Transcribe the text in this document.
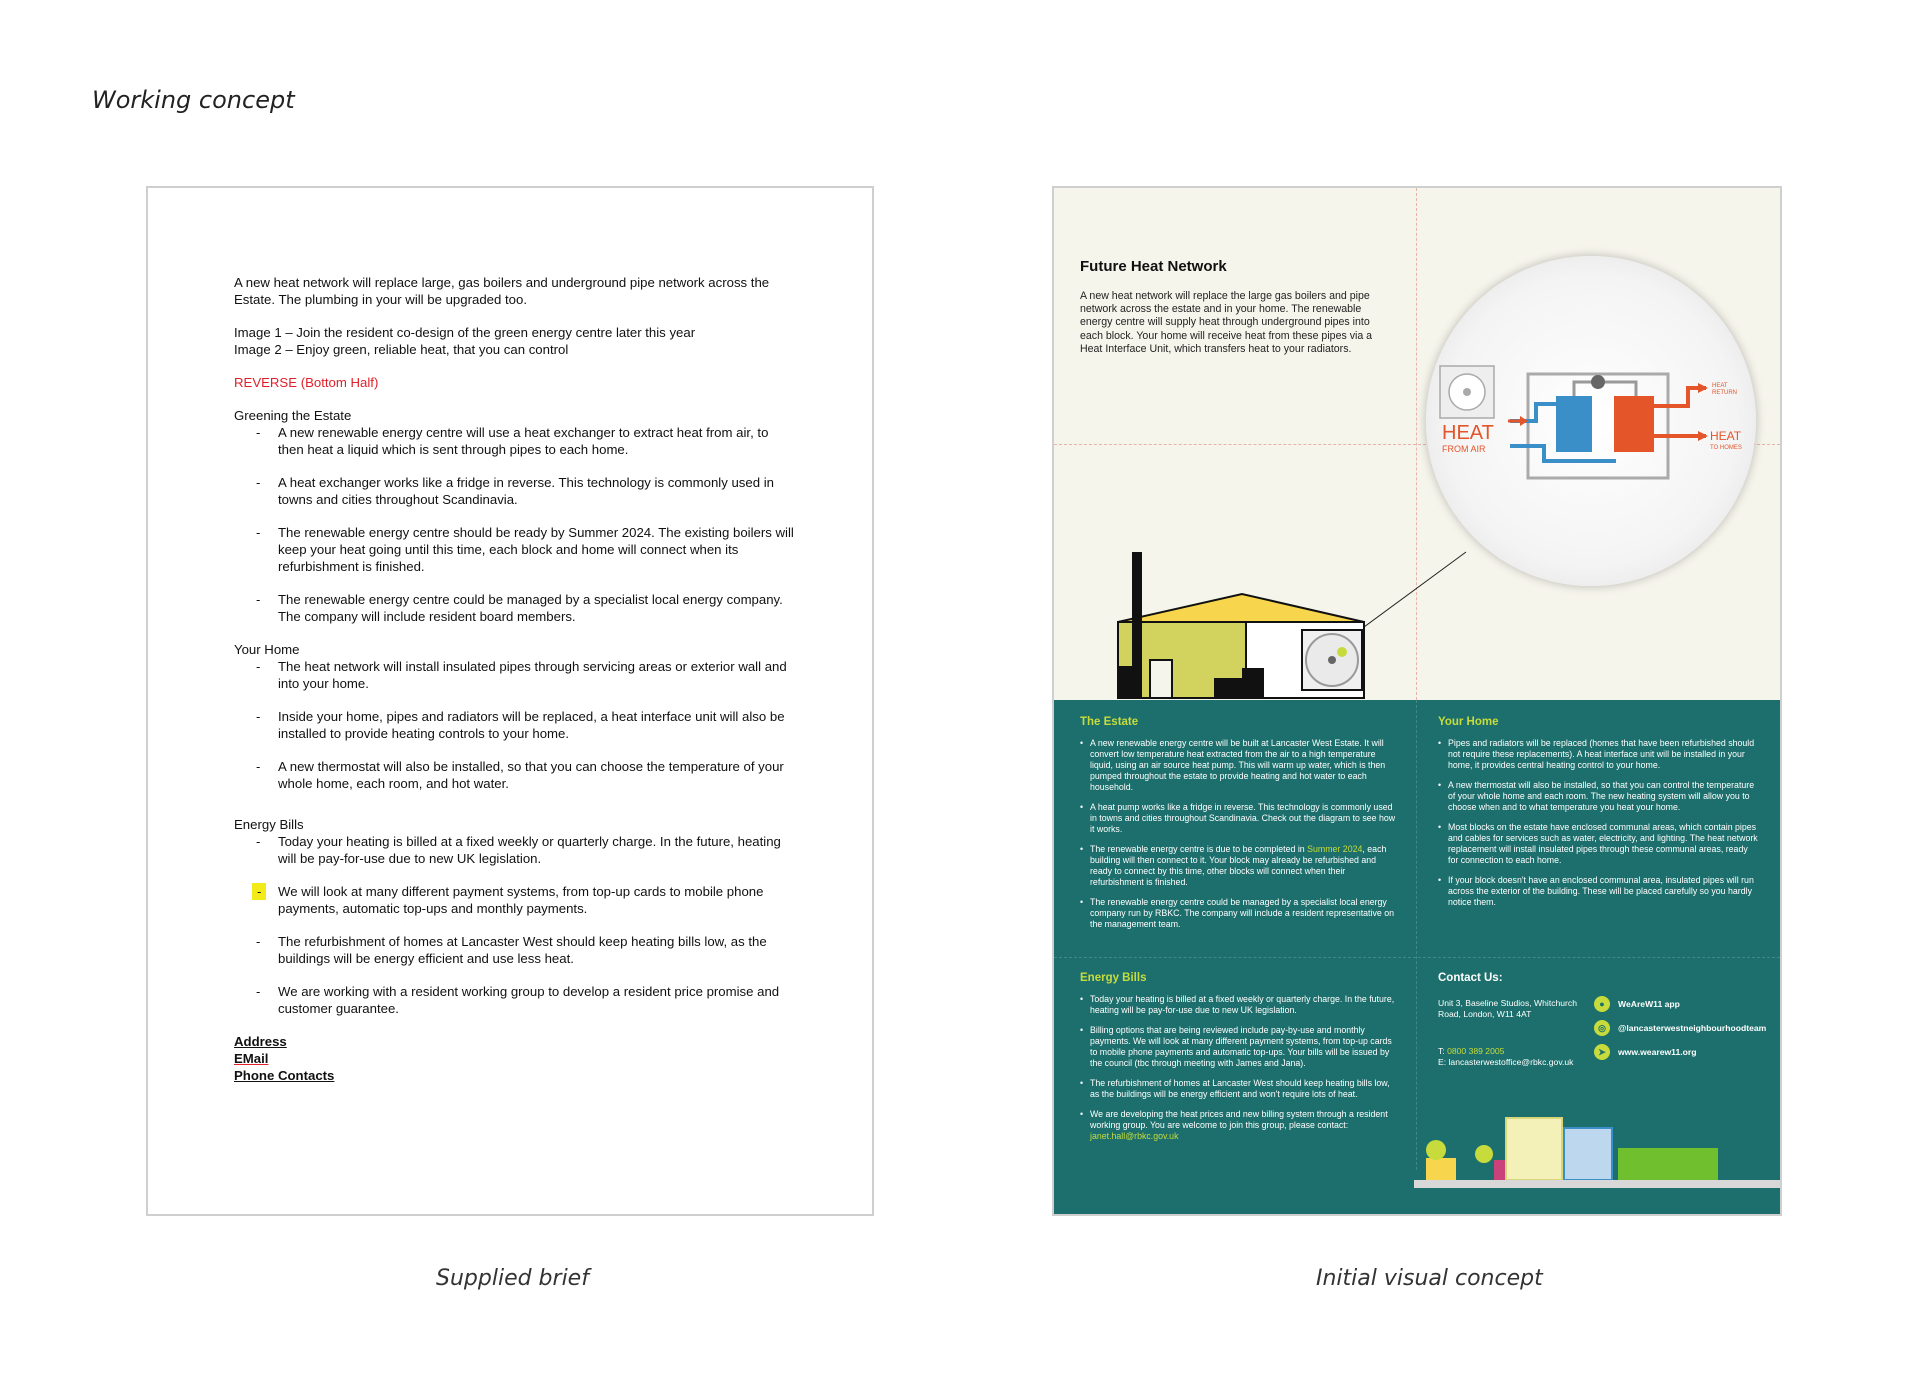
Working concept

A new heat network will replace large, gas boilers and underground pipe network across the Estate. The plumbing in your will be upgraded too.

Image 1 – Join the resident co-design of the green energy centre later this year
Image 2 – Enjoy green, reliable heat, that you can control

REVERSE (Bottom Half)

Greening the Estate
- A new renewable energy centre will use a heat exchanger to extract heat from air, to then heat a liquid which is sent through pipes to each home.
- A heat exchanger works like a fridge in reverse. This technology is commonly used in towns and cities throughout Scandinavia.
- The renewable energy centre should be ready by Summer 2024. The existing boilers will keep your heat going until this time, each block and home will connect when its refurbishment is finished.
- The renewable energy centre could be managed by a specialist local energy company. The company will include resident board members.
Your Home
- The heat network will install insulated pipes through servicing areas or exterior wall and into your home.
- Inside your home, pipes and radiators will be replaced, a heat interface unit will also be installed to provide heating controls to your home.
- A new thermostat will also be installed, so that you can choose the temperature of your whole home, each room, and hot water.
Energy Bills
- Today your heating is billed at a fixed weekly or quarterly charge. In the future, heating will be pay-for-use due to new UK legislation.
-	We will look at many different payment systems, from top-up cards to mobile phone payments, automatic top-ups and monthly payments.
- The refurbishment of homes at Lancaster West should keep heating bills low, as the buildings will be energy efficient and use less heat.
- We are working with a resident working group to develop a resident price promise and customer guarantee.
Address
EMail
Phone Contacts
Supplied brief
Future Heat Network
A new heat network will replace the large gas boilers and pipe network across the estate and in your home. The renewable energy centre will supply heat through underground pipes into each block. Your home will receive heat from these pipes via a Heat Interface Unit, which transfers heat to your radiators.
HEAT
FROM AIR
HEAT
RETURN
HEAT
TO HOMES
The Estate
• A new renewable energy centre will be built at Lancaster West Estate. It will convert low temperature heat extracted from the air to a high temperature liquid, using an air source heat pump. This will warm up water, which is then pumped throughout the estate to provide heating and hot water to each household.
• A heat pump works like a fridge in reverse. This technology is commonly used in towns and cities throughout Scandinavia. Check out the diagram to see how it works.
• The renewable energy centre is due to be completed in Summer 2024, each building will then connect to it. Your block may already be refurbished and ready to connect by this time, other blocks will connect when their refurbishment is finished.
• The renewable energy centre could be managed by a specialist local energy company run by RBKC. The company will include a resident representative on the management team.
Your Home
• Pipes and radiators will be replaced (homes that have been refurbished should not require these replacements). A heat interface unit will be installed in your home, it provides central heating control to your home.
• A new thermostat will also be installed, so that you can control the temperature of your whole home and each room. The new heating system will allow you to choose when and to what temperature you heat your home.
• Most blocks on the estate have enclosed communal areas, which contain pipes and cables for services such as water, electricity, and lighting. The heat network replacement will install insulated pipes through these communal areas, ready for connection to each home.
• If your block doesn't have an enclosed communal area, insulated pipes will run across the exterior of the building. These will be placed carefully so you hardly notice them.
Energy Bills
• Today your heating is billed at a fixed weekly or quarterly charge. In the future, heating will be pay-for-use due to new UK legislation.
• Billing options that are being reviewed include pay-by-use and monthly payments. We will look at many different payment systems, from top-up cards to mobile phone payments and automatic top-ups. Your bills will be issued by the council (tbc through meeting with James and Jana).
• The refurbishment of homes at Lancaster West should keep heating bills low, as the buildings will be energy efficient and won't require lots of heat.
• We are developing the heat prices and new billing system through a resident working group. You are welcome to join this group, please contact: janet.hall@rbkc.gov.uk
Contact Us:
Unit 3, Baseline Studios, Whitchurch Road, London, W11 4AT
T: 0800 389 2005
E: lancasterwestoffice@rbkc.gov.uk
●	WeAreW11 app
◎	@lancasterwestneighbourhoodteam
➤	www.wearew11.org
Initial visual concept
